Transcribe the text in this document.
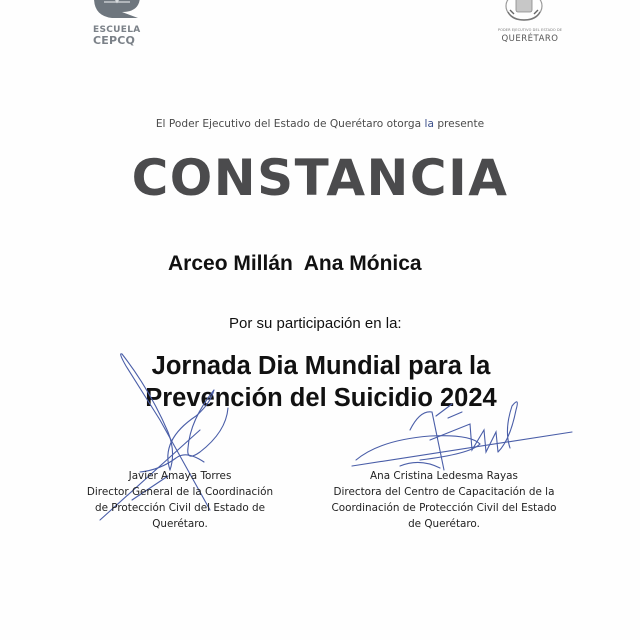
ESCUELA
CEPCQ
PODER EJECUTIVO DEL ESTADO DE
QUERÉTARO
El Poder Ejecutivo del Estado de Querétaro otorga la presente
CONSTANCIA
Arceo Millán  Ana Mónica
Por su participación en la:
Jornada Dia Mundial para la
Prevención del Suicidio 2024
Javier Amaya Torres
Director General de la Coordinación
de Protección Civil del Estado de
Querétaro.
Ana Cristina Ledesma Rayas
Directora del Centro de Capacitación de la
Coordinación de Protección Civil del Estado
de Querétaro.
